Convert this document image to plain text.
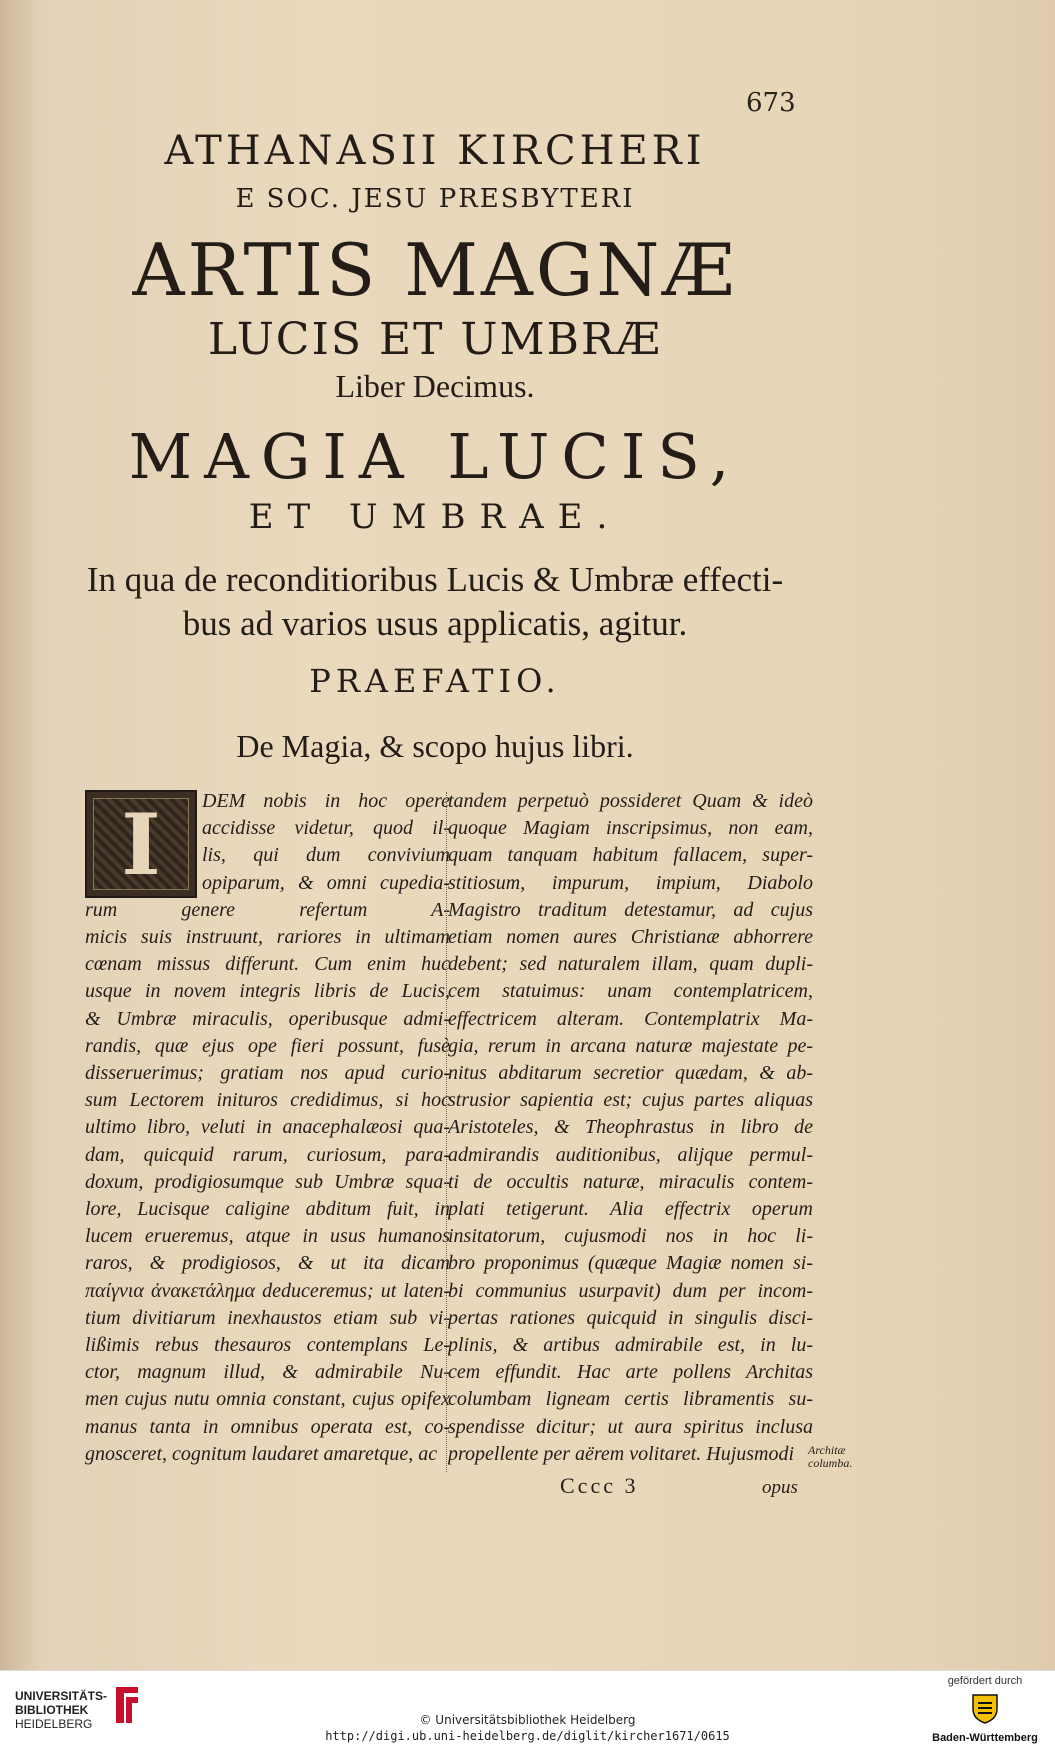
673
ATHANASII KIRCHERI
E SOC. JESU PRESBYTERI
ARTIS MAGNÆ
LUCIS ET UMBRÆ
Liber Decimus.
MAGIA LUCIS,
ET UMBRAE.
In qua de reconditioribus Lucis & Umbræ effecti-
bus ad varios usus applicatis, agitur.
PRAEFATIO.
De Magia, & scopo hujus libri.
I	DEM nobis in hoc opere
accidisse videtur, quod il-
lis, qui dum convivium
opiparum, & omni cupedia-
rum genere refertum A-
micis suis instruunt, rariores in ultimam
cœnam missus differunt. Cum enim huc
usque in novem integris libris de Lucis,
& Umbræ miraculis, operibusque admi-
randis, quæ ejus ope fieri possunt, fusè
disseruerimus; gratiam nos apud curio-
sum Lectorem inituros credidimus, si hoc
ultimo libro, veluti in anacephalæosi qua-
dam, quicquid rarum, curiosum, para-
doxum, prodigiosumque sub Umbræ squa-
lore, Lucisque caligine abditum fuit, in
lucem erueremus, atque in usus humanos
raros, & prodigiosos, & ut ita dicam
παίγνια ἀνακετάλημα deduceremus; ut laten-
tium divitiarum inexhaustos etiam sub vi-
lißimis rebus thesauros contemplans Le-
ctor, magnum illud, & admirabile Nu-
men cujus nutu omnia constant, cujus opifex
manus tanta in omnibus operata est, co-
gnosceret, cognitum laudaret amaretque, ac
tandem perpetuò possideret Quam & ideò
quoque Magiam inscripsimus, non eam,
quam tanquam habitum fallacem, super-
stitiosum, impurum, impium, Diabolo
Magistro traditum detestamur, ad cujus
etiam nomen aures Christianæ abhorrere
debent; sed naturalem illam, quam dupli-
cem statuimus: unam contemplatricem,
effectricem alteram. Contemplatrix Ma-
gia, rerum in arcana naturæ majestate pe-
nitus abditarum secretior quædam, & ab-
strusior sapientia est; cujus partes aliquas
Aristoteles, & Theophrastus in libro de
admirandis auditionibus, alijque permul-
ti de occultis naturæ, miraculis contem-
plati tetigerunt. Alia effectrix operum
insitatorum, cujusmodi nos in hoc li-
bro proponimus (quæque Magiæ nomen si-
bi communius usurpavit) dum per incom-
pertas rationes quicquid in singulis disci-
plinis, & artibus admirabile est, in lu-
cem effundit. Hac arte pollens Architas
columbam ligneam certis libramentis su-
spendisse dicitur; ut aura spiritus inclusa
propellente per aërem volitaret. Hujusmodi	Architæ columba.
Cccc 3	opus
UNIVERSITÄTS-
BIBLIOTHEK
HEIDELBERG	© Universitätsbibliothek Heidelberg
http://digi.ub.uni-heidelberg.de/diglit/kircher1671/0615
gefördert durch
Baden-Württemberg
